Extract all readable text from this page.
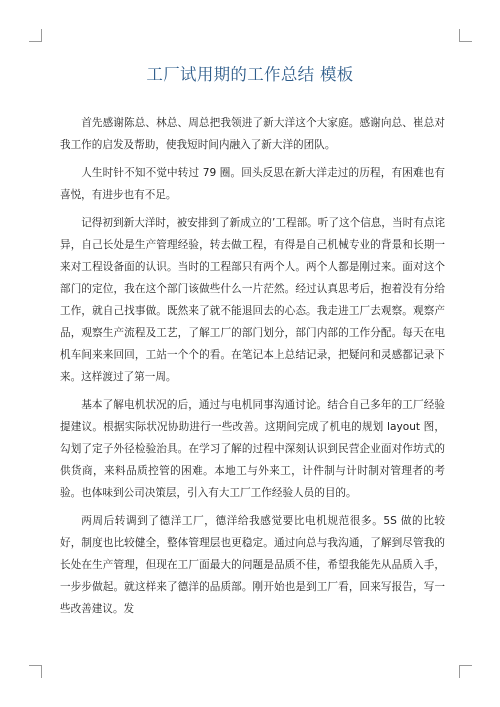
工厂试用期的工作总结 模板

首先感谢陈总、林总、周总把我领进了新大洋这个大家庭。感谢向总、崔总对我工作的启发及帮助，使我短时间内融入了新大洋的团队。

人生时针不知不觉中转过 79 圈。回头反思在新大洋走过的历程，有困难也有喜悦，有进步也有不足。

记得初到新大洋时，被安排到了新成立的’工程部。听了这个信息，当时有点诧异，自己长处是生产管理经验，转去做工程，有得是自己机械专业的背景和长期一来对工程设备面的认识。当时的工程部只有两个人。两个人都是刚过来。面对这个部门的定位，我在这个部门该做些什么一片茫然。经过认真思考后，抱着没有分给工作，就自己找事做。既然来了就不能退回去的心态。我走进工厂去观察。观察产品，观察生产流程及工艺，了解工厂的部门划分，部门内部的工作分配。每天在电机车间来来回回，工站一个个的看。在笔记本上总结记录，把疑问和灵感都记录下来。这样渡过了第一周。

基本了解电机状况的后，通过与电机同事沟通讨论。结合自己多年的工厂经验提建议。根据实际状况协助进行一些改善。这期间完成了机电的规划 layout 图，勾划了定子外径检验治具。在学习了解的过程中深刻认识到民营企业面对作坊式的供货商，来料品质控管的困难。本地工与外来工，计件制与计时制对管理者的考验。也体味到公司决策层，引入有大工厂工作经验人员的目的。

两周后转调到了德洋工厂，德洋给我感觉要比电机规范很多。5S 做的比较好，制度也比较健全，整体管理层也更稳定。通过向总与我沟通，了解到尽管我的长处在生产管理，但现在工厂面最大的问题是品质不佳，希望我能先从品质入手，一步步做起。就这样来了德洋的品质部。刚开始也是到工厂看，回来写报告，写一些改善建议。发
